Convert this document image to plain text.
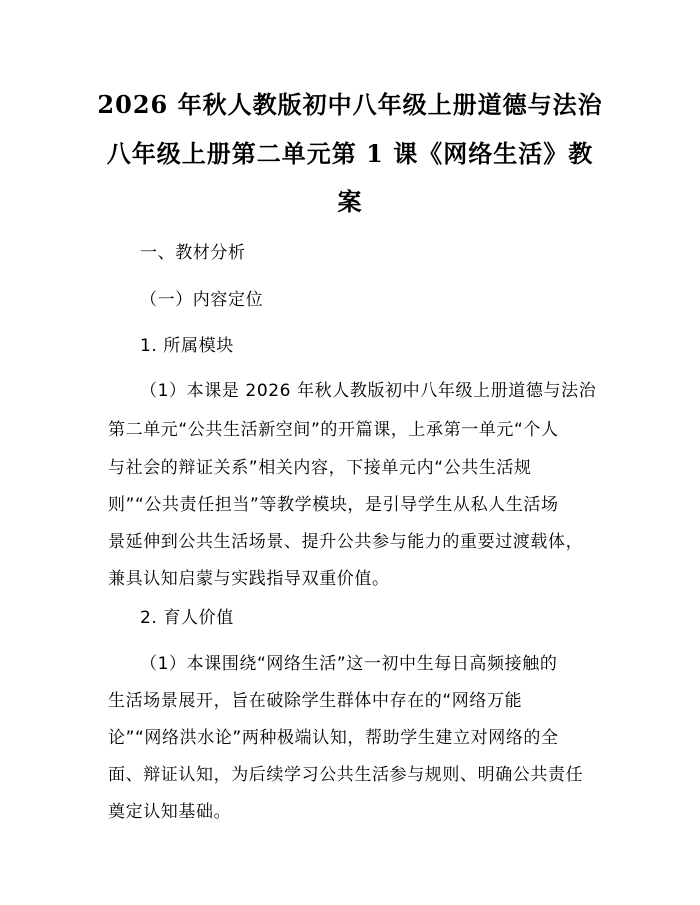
2026 年秋人教版初中八年级上册道德与法治
八年级上册第二单元第 1 课《网络生活》教
案
一、教材分析
（一）内容定位
1. 所属模块
（1）本课是 2026 年秋人教版初中八年级上册道德与法治
第二单元“公共生活新空间”的开篇课，上承第一单元“个人
与社会的辩证关系”相关内容，下接单元内“公共生活规
则”“公共责任担当”等教学模块，是引导学生从私人生活场
景延伸到公共生活场景、提升公共参与能力的重要过渡载体，
兼具认知启蒙与实践指导双重价值。
2. 育人价值
（1）本课围绕“网络生活”这一初中生每日高频接触的
生活场景展开，旨在破除学生群体中存在的“网络万能
论”“网络洪水论”两种极端认知，帮助学生建立对网络的全
面、辩证认知，为后续学习公共生活参与规则、明确公共责任
奠定认知基础。
